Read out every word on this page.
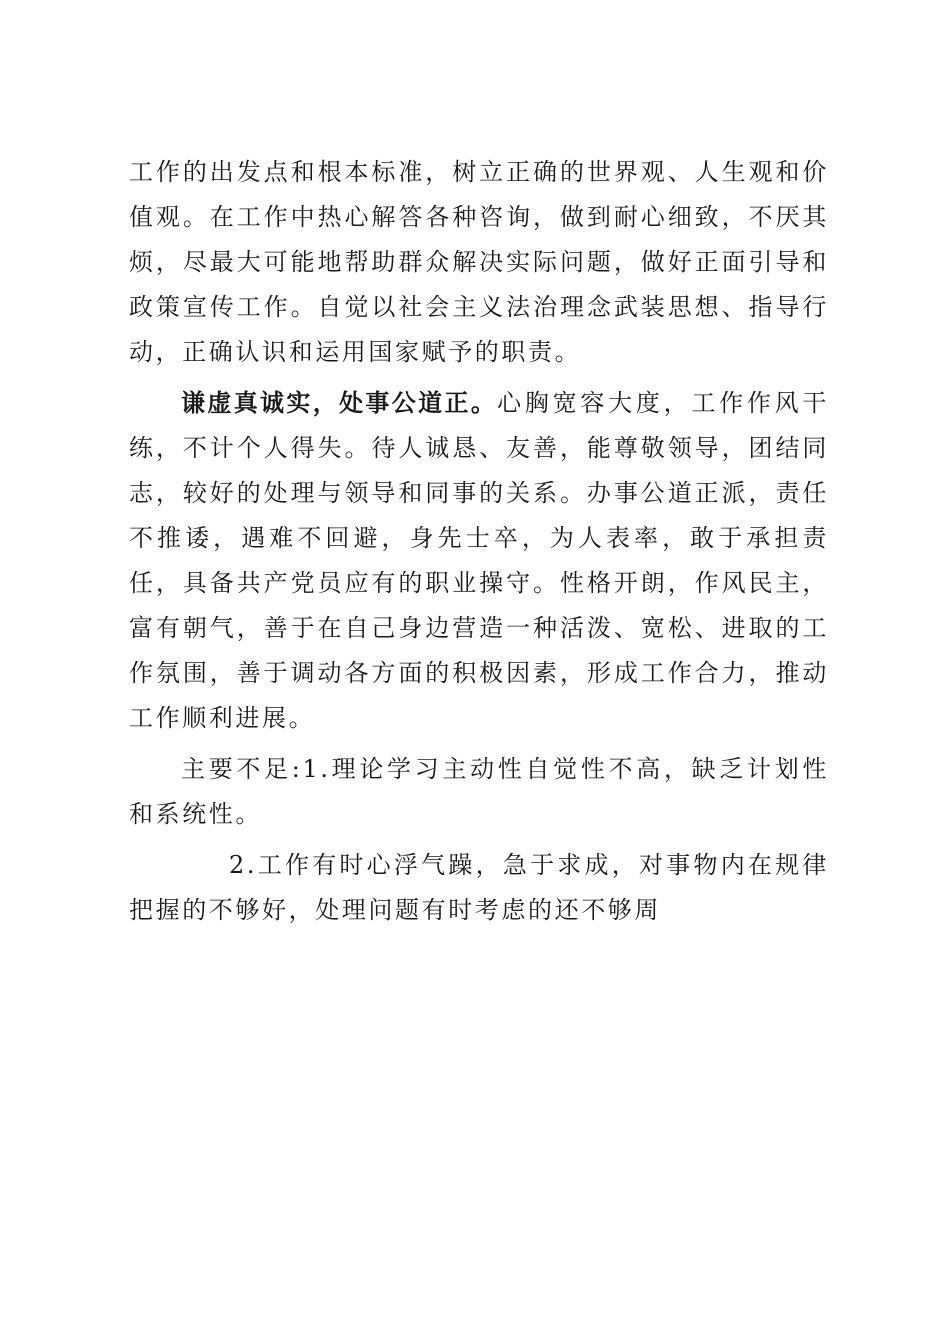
工作的出发点和根本标准，树立正确的世界观、人生观和价值观。在工作中热心解答各种咨询，做到耐心细致，不厌其烦，尽最大可能地帮助群众解决实际问题，做好正面引导和政策宣传工作。自觉以社会主义法治理念武装思想、指导行动，正确认识和运用国家赋予的职责。

谦虚真诚实，处事公道正。心胸宽容大度，工作作风干练，不计个人得失。待人诚恳、友善，能尊敬领导，团结同志，较好的处理与领导和同事的关系。办事公道正派，责任不推诿，遇难不回避，身先士卒，为人表率，敢于承担责任，具备共产党员应有的职业操守。性格开朗，作风民主，富有朝气，善于在自己身边营造一种活泼、宽松、进取的工作氛围，善于调动各方面的积极因素，形成工作合力，推动工作顺利进展。

主要不足:1.理论学习主动性自觉性不高，缺乏计划性和系统性。

2.工作有时心浮气躁，急于求成，对事物内在规律把握的不够好，处理问题有时考虑的还不够周
